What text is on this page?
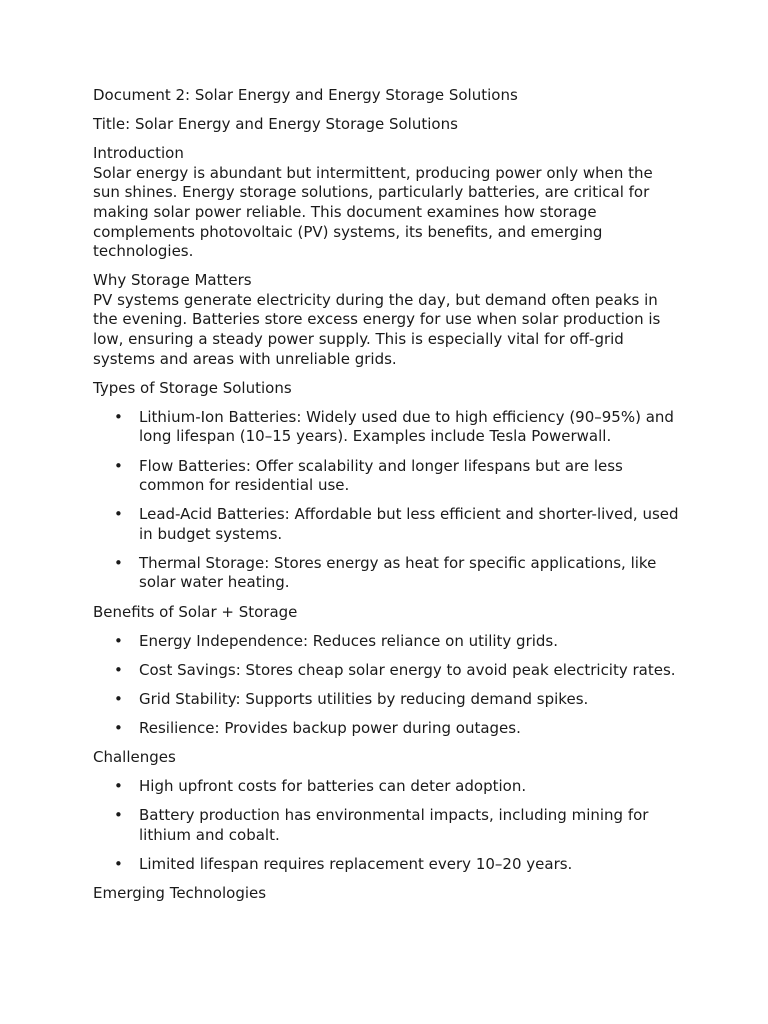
Document 2: Solar Energy and Energy Storage Solutions

Title: Solar Energy and Energy Storage Solutions

Introduction
Solar energy is abundant but intermittent, producing power only when the sun shines. Energy storage solutions, particularly batteries, are critical for making solar power reliable. This document examines how storage complements photovoltaic (PV) systems, its benefits, and emerging technologies.
Why Storage Matters
PV systems generate electricity during the day, but demand often peaks in the evening. Batteries store excess energy for use when solar production is low, ensuring a steady power supply. This is especially vital for off-grid systems and areas with unreliable grids.

Types of Storage Solutions

• Lithium-Ion Batteries: Widely used due to high efficiency (90–95%) and long lifespan (10–15 years). Examples include Tesla Powerwall.
• Flow Batteries: Offer scalability and longer lifespans but are less common for residential use.
• Lead-Acid Batteries: Affordable but less efficient and shorter-lived, used in budget systems.
• Thermal Storage: Stores energy as heat for specific applications, like solar water heating.

Benefits of Solar + Storage

• Energy Independence: Reduces reliance on utility grids.
• Cost Savings: Stores cheap solar energy to avoid peak electricity rates.
• Grid Stability: Supports utilities by reducing demand spikes.
• Resilience: Provides backup power during outages.

Challenges

• High upfront costs for batteries can deter adoption.
• Battery production has environmental impacts, including mining for lithium and cobalt.
• Limited lifespan requires replacement every 10–20 years.

Emerging Technologies
